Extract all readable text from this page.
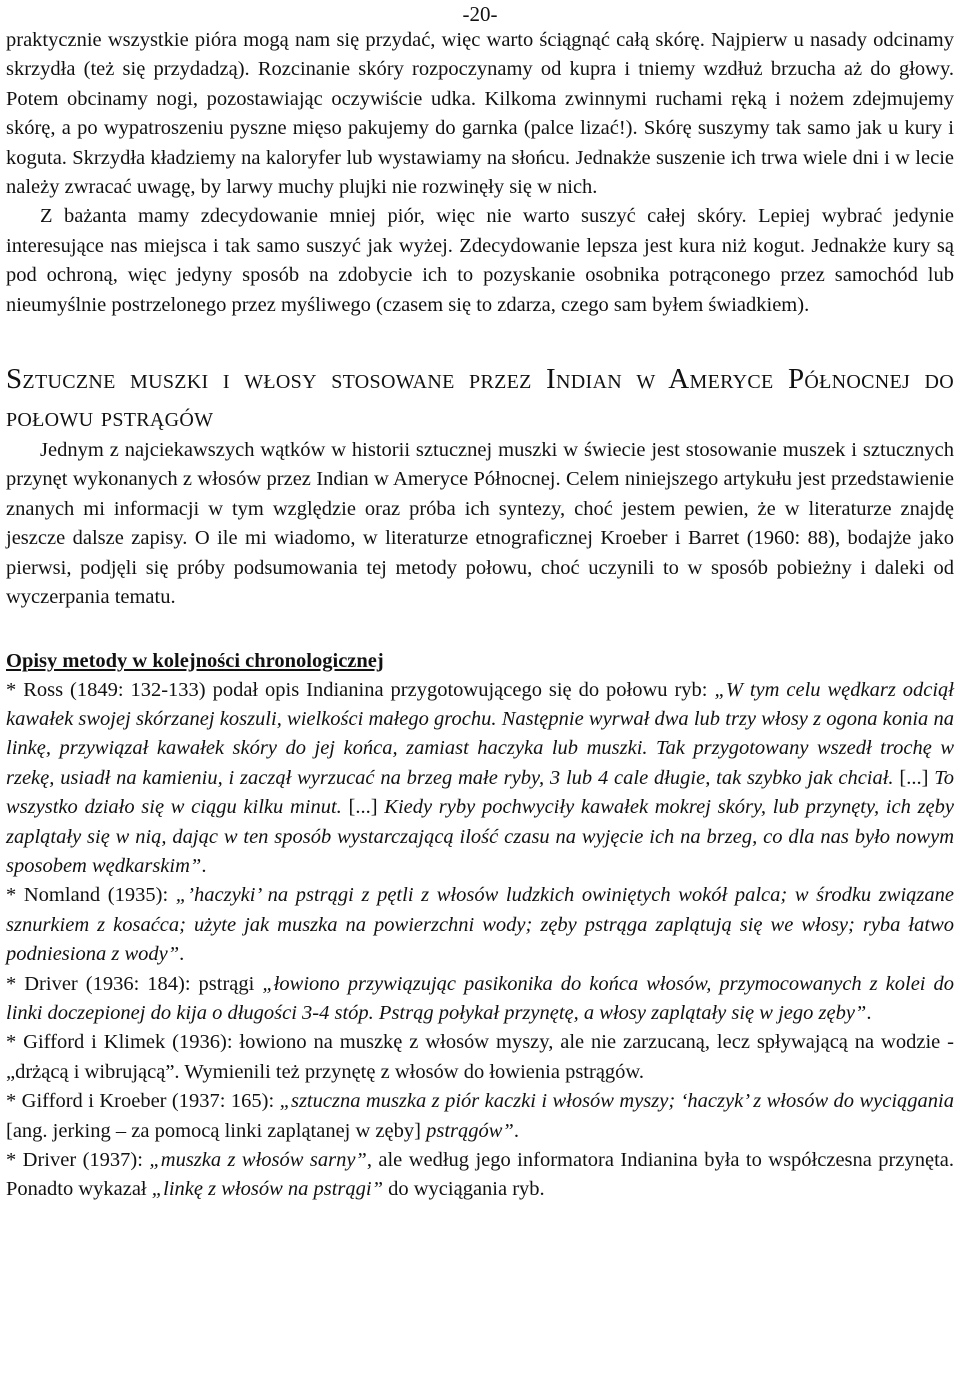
-20-

praktycznie wszystkie pióra mogą nam się przydać, więc warto ściągnąć całą skórę. Najpierw u nasady odcinamy skrzydła (też się przydadzą). Rozcinanie skóry rozpoczynamy od kupra i tniemy wzdłuż brzucha aż do głowy. Potem obcinamy nogi, pozostawiając oczywiście udka. Kilkoma zwinnymi ruchami ręką i nożem zdejmujemy skórę, a po wypatroszeniu pyszne mięso pakujemy do garnka (palce lizać!). Skórę suszymy tak samo jak u kury i koguta. Skrzydła kładziemy na kaloryfer lub wystawiamy na słońcu. Jednakże suszenie ich trwa wiele dni i w lecie należy zwracać uwagę, by larwy muchy plujki nie rozwinęły się w nich.

Z bażanta mamy zdecydowanie mniej piór, więc nie warto suszyć całej skóry. Lepiej wybrać jedynie interesujące nas miejsca i tak samo suszyć jak wyżej. Zdecydowanie lepsza jest kura niż kogut. Jednakże kury są pod ochroną, więc jedyny sposób na zdobycie ich to pozyskanie osobnika potrąconego przez samochód lub nieumyślnie postrzelonego przez myśliwego (czasem się to zdarza, czego sam byłem świadkiem).

Sztuczne muszki i włosy stosowane przez Indian w Ameryce Północnej do połowu pstrągów

Jednym z najciekawszych wątków w historii sztucznej muszki w świecie jest stosowanie muszek i sztucznych przynęt wykonanych z włosów przez Indian w Ameryce Północnej. Celem niniejszego artykułu jest przedstawienie znanych mi informacji w tym względzie oraz próba ich syntezy, choć jestem pewien, że w literaturze znajdę jeszcze dalsze zapisy. O ile mi wiadomo, w literaturze etnograficznej Kroeber i Barret (1960: 88), bodajże jako pierwsi, podjęli się próby podsumowania tej metody połowu, choć uczynili to w sposób pobieżny i daleki od wyczerpania tematu.

Opisy metody w kolejności chronologicznej

* Ross (1849: 132-133) podał opis Indianina przygotowującego się do połowu ryb: „W tym celu wędkarz odciął kawałek swojej skórzanej koszuli, wielkości małego grochu. Następnie wyrwał dwa lub trzy włosy z ogona konia na linkę, przywiązał kawałek skóry do jej końca, zamiast haczyka lub muszki. Tak przygotowany wszedł trochę w rzekę, usiadł na kamieniu, i zaczął wyrzucać na brzeg małe ryby, 3 lub 4 cale długie, tak szybko jak chciał. [...] To wszystko działo się w ciągu kilku minut. [...] Kiedy ryby pochwyciły kawałek mokrej skóry, lub przynęty, ich zęby zaplątały się w nią, dając w ten sposób wystarczającą ilość czasu na wyjęcie ich na brzeg, co dla nas było nowym sposobem wędkarskim”.

* Nomland (1935): „’haczyki’ na pstrągi z pętli z włosów ludzkich owiniętych wokół palca; w środku związane sznurkiem z kosaćca; użyte jak muszka na powierzchni wody; zęby pstrąga zaplątują się we włosy; ryba łatwo podniesiona z wody”.

* Driver (1936: 184): pstrągi „łowiono przywiązując pasikonika do końca włosów, przymocowanych z kolei do linki doczepionej do kija o długości 3-4 stóp. Pstrąg połykał przynętę, a włosy zaplątały się w jego zęby”.

* Gifford i Klimek (1936): łowiono na muszkę z włosów myszy, ale nie zarzucaną, lecz spływającą na wodzie - „drżącą i wibrującą”. Wymienili też przynętę z włosów do łowienia pstrągów.

* Gifford i Kroeber (1937: 165): „sztuczna muszka z piór kaczki i włosów myszy; ‘haczyk’ z włosów do wyciągania [ang. jerking – za pomocą linki zaplątanej w zęby] pstrągów”.

* Driver (1937): „muszka z włosów sarny”, ale według jego informatora Indianina była to współczesna przynęta. Ponadto wykazał „linkę z włosów na pstrągi” do wyciągania ryb.
